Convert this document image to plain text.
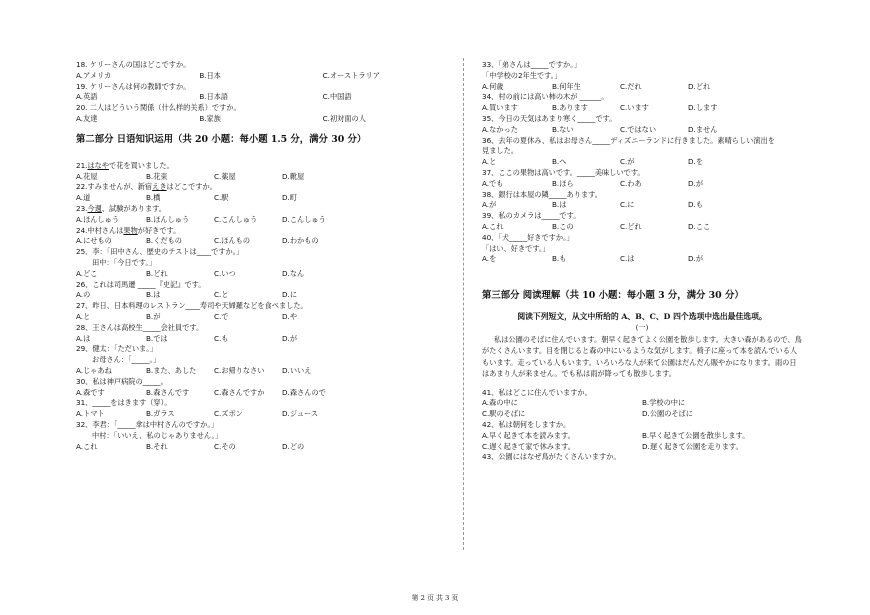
18. ケリーさんの国はどこですか。
A.アメリカ	B.日本	C.オーストラリア
19. ケリーさんは何の教師ですか。
A.英語	B.日本語	C.中国語
20. 二人はどういう関係（什么样的关系）ですか。
A.友達	B.家族	C.初対面の人
第二部分 日语知识运用（共 20 小题：每小题 1.5 分，满分 30 分）
21.はなやで花を買いました。
A.花屋	B.花束	C.薬屋	D.靴屋
22.すみませんが、新宿えきはどこですか。
A.道	B.橋	C.駅	D.町
23.今週、試験があります。
A.ほんしゅう	B.ほんしゅう	C.こんしゅう	D.こんしゅう
24.中村さんは果物が好きです。
A.にせもの	B.くだもの	C.ほんもの	D.わかもの
25．李：「田中さん、歴史のテストは____ですか。」
田中：「今日です。」
A.どこ	B.どれ	C.いつ	D.なん
26、これは司馬遷 _____『史記』です。
A.の	B.は	C.と	D.に
27、昨日、日本料理のレストラン____寿司や天婦羅などを食べました。
A.と	B.が	C.で	D.や
28、王さんは高校生_____会社員です。
A.は	B.では	C.も	D.が
29、健太：「ただいま。」
お母さん：「_____。」
A.じゃあね	B.また、あした	C.お帰りなさい	D.いいえ
30、私は神戸病院の_____。
A.森です	B.森さんです	C.森さんですか	D.森さんので
31、_____をはきます（穿）。
A.トマト	B.ガラス	C.ズボン	D.ジュース
32、李君：「_____傘は中村さんのですか。」
中村：「いいえ、私のじゃありません。」
A.これ	B.それ	C.その	D.どの
33、「弟さんは_____ですか。」
「中学校の2年生です。」
A.何歳	B.何年生	C.だれ	D.どれ
34、村の前には高い柿の木が ______。
A.買います	B.あります	C.います	D.します
35、今日の天気はあまり寒く_____です。
A.なかった	B.ない	C.ではない	D.ません
36、去年の夏休み、私はお母さん_____ディズニーランドに行きました。素晴らしい演出を
見ました。
A.と	B.へ	C.が	D.を
37、ここの果物は高いです。_____美味しいです。
A.でも	B.ほら	C.わあ	D.が
38、銀行は本屋の隣_____あります。
A.が	B.は	C.に	D.も
39、私のカメラは_____です。
A.これ	B.この	C.どれ	D.ここ
40、「犬_____好きですか。」
「はい、好きです。」
A.を	B.も	C.は	D.が
第三部分 阅读理解（共 10 小题：每小题 3 分，满分 30 分）
阅读下列短文，从文中所给的 A、B、C、D 四个选项中选出最佳选项。
(一)
私は公園のそばに住んでいます。朝早く起きてよく公園を散歩します。大きい森があるので、鳥がたくさんいます。目を閉じると森の中にいるような気がします。椅子に座って本を読んでいる人もいます。走っている人もいます。いろいろな人が来て公園はだんだん賑やかになります。雨の日はあまり人が来ません。でも私は雨が降っても散歩します。
41、私はどこに住んでいますか。
A.森の中に	B.学校の中に
C.駅のそばに	D.公園のそばに
42、私は朝何をしますか。
A.早く起きて本を読みます。	B.早く起きて公園を散歩します。
C.遅く起きて家で休みます。	D.遅く起きて公園を走ります。
43、公園にはなぜ鳥がたくさんいますか。
第 2 页 共 3 页
